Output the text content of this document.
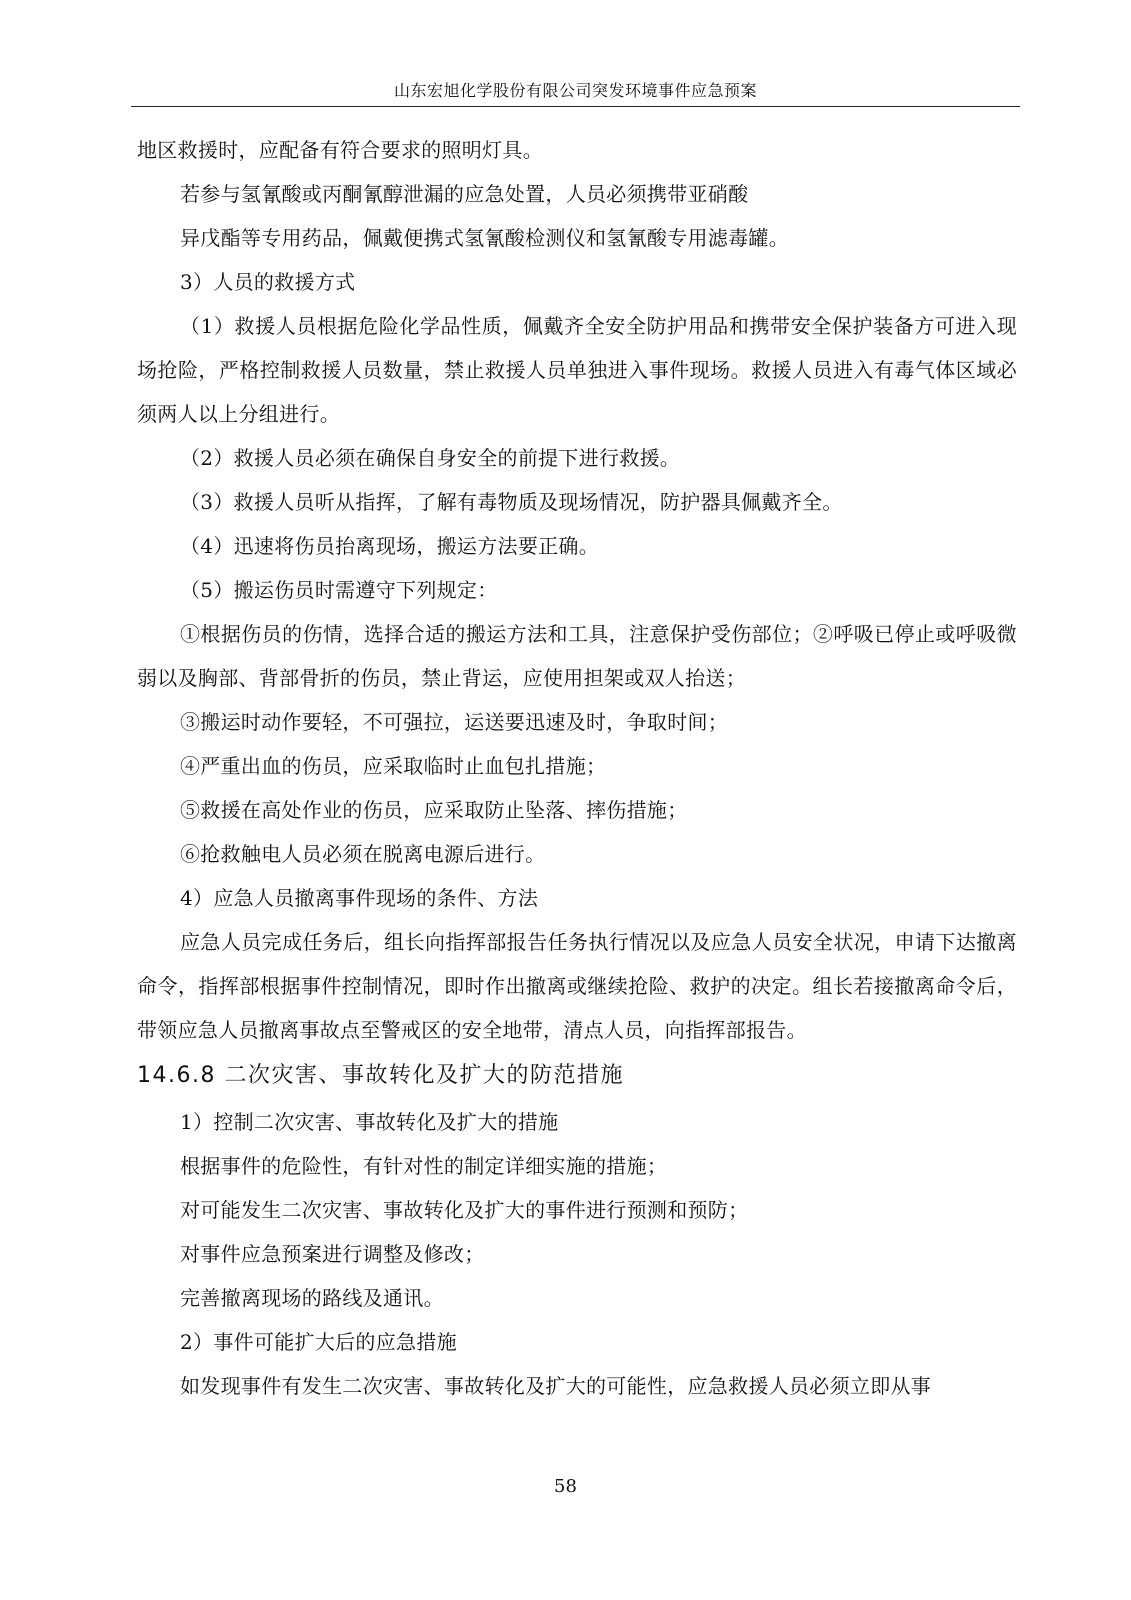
山东宏旭化学股份有限公司突发环境事件应急预案

地区救援时，应配备有符合要求的照明灯具。

若参与氢氰酸或丙酮氰醇泄漏的应急处置，人员必须携带亚硝酸

异戊酯等专用药品，佩戴便携式氢氰酸检测仪和氢氰酸专用滤毒罐。

3）人员的救援方式

（1）救援人员根据危险化学品性质，佩戴齐全安全防护用品和携带安全保护装备方可进入现场抢险，严格控制救援人员数量，禁止救援人员单独进入事件现场。救援人员进入有毒气体区域必须两人以上分组进行。

（2）救援人员必须在确保自身安全的前提下进行救援。

（3）救援人员听从指挥，了解有毒物质及现场情况，防护器具佩戴齐全。

（4）迅速将伤员抬离现场，搬运方法要正确。

（5）搬运伤员时需遵守下列规定：

①根据伤员的伤情，选择合适的搬运方法和工具，注意保护受伤部位；②呼吸已停止或呼吸微弱以及胸部、背部骨折的伤员，禁止背运，应使用担架或双人抬送；

③搬运时动作要轻，不可强拉，运送要迅速及时，争取时间；

④严重出血的伤员，应采取临时止血包扎措施；

⑤救援在高处作业的伤员，应采取防止坠落、摔伤措施；

⑥抢救触电人员必须在脱离电源后进行。

4）应急人员撤离事件现场的条件、方法

应急人员完成任务后，组长向指挥部报告任务执行情况以及应急人员安全状况，申请下达撤离命令，指挥部根据事件控制情况，即时作出撤离或继续抢险、救护的决定。组长若接撤离命令后，带领应急人员撤离事故点至警戒区的安全地带，清点人员，向指挥部报告。

14.6.8 二次灾害、事故转化及扩大的防范措施

1）控制二次灾害、事故转化及扩大的措施

根据事件的危险性，有针对性的制定详细实施的措施；

对可能发生二次灾害、事故转化及扩大的事件进行预测和预防；

对事件应急预案进行调整及修改；

完善撤离现场的路线及通讯。

2）事件可能扩大后的应急措施

如发现事件有发生二次灾害、事故转化及扩大的可能性，应急救援人员必须立即从事

58
